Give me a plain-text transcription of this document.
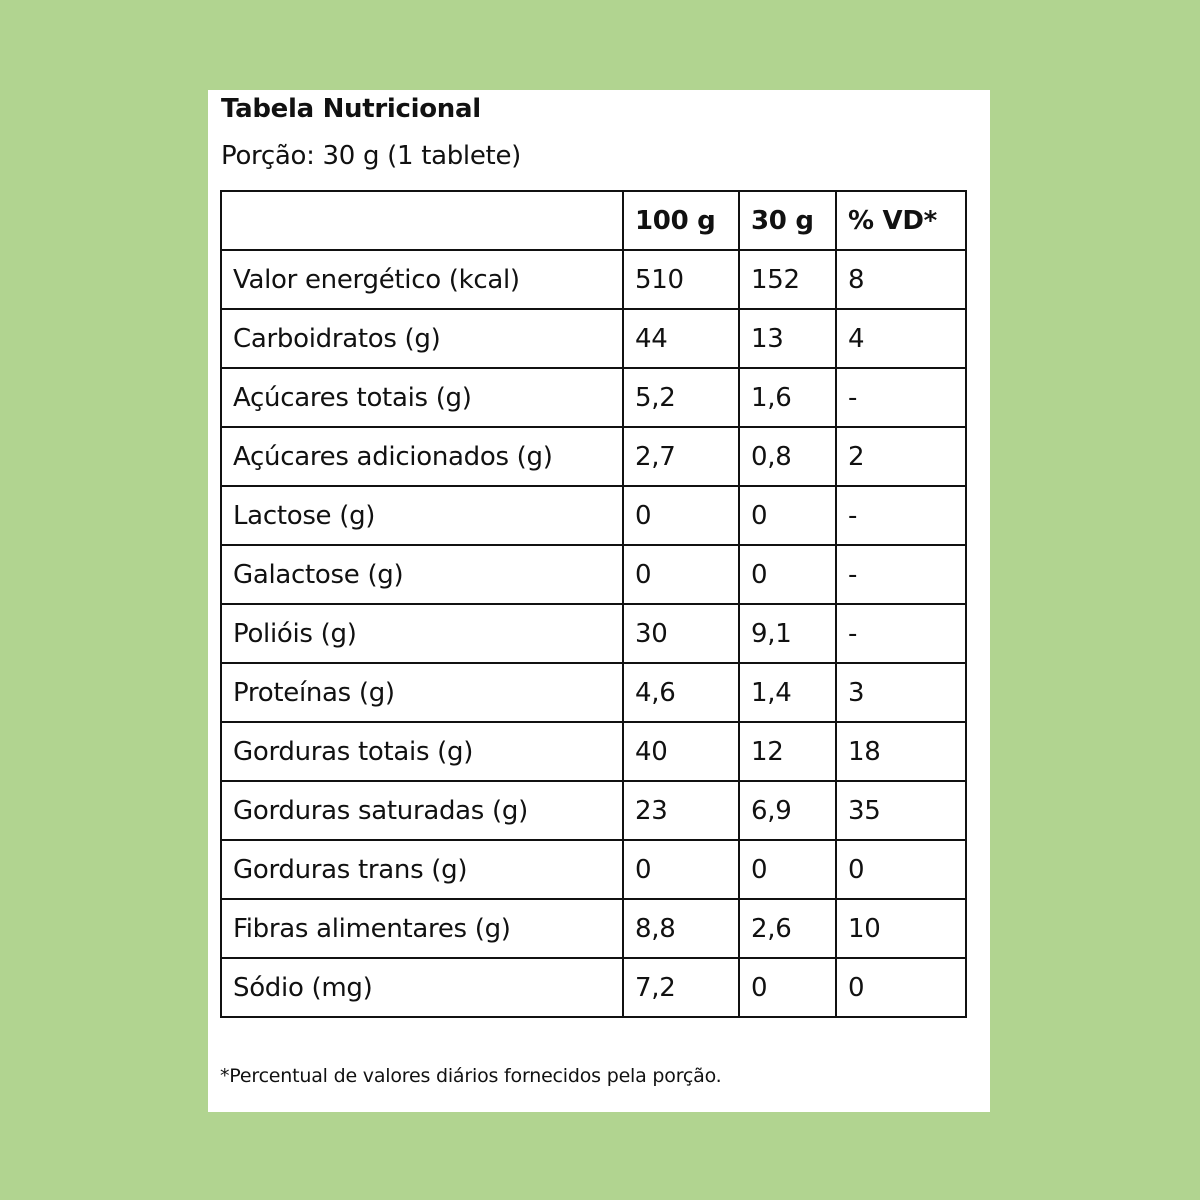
Tabela Nutricional
Porção: 30 g (1 tablete)
	100 g	30 g	% VD*
Valor energético (kcal)	510	152	8
Carboidratos (g)	44	13	4
Açúcares totais (g)	5,2	1,6	-
Açúcares adicionados (g)	2,7	0,8	2
Lactose (g)	0	0	-
Galactose (g)	0	0	-
Polióis (g)	30	9,1	-
Proteínas (g)	4,6	1,4	3
Gorduras totais (g)	40	12	18
Gorduras saturadas (g)	23	6,9	35
Gorduras trans (g)	0	0	0
Fibras alimentares (g)	8,8	2,6	10
Sódio (mg)	7,2	0	0
*Percentual de valores diários fornecidos pela porção.
